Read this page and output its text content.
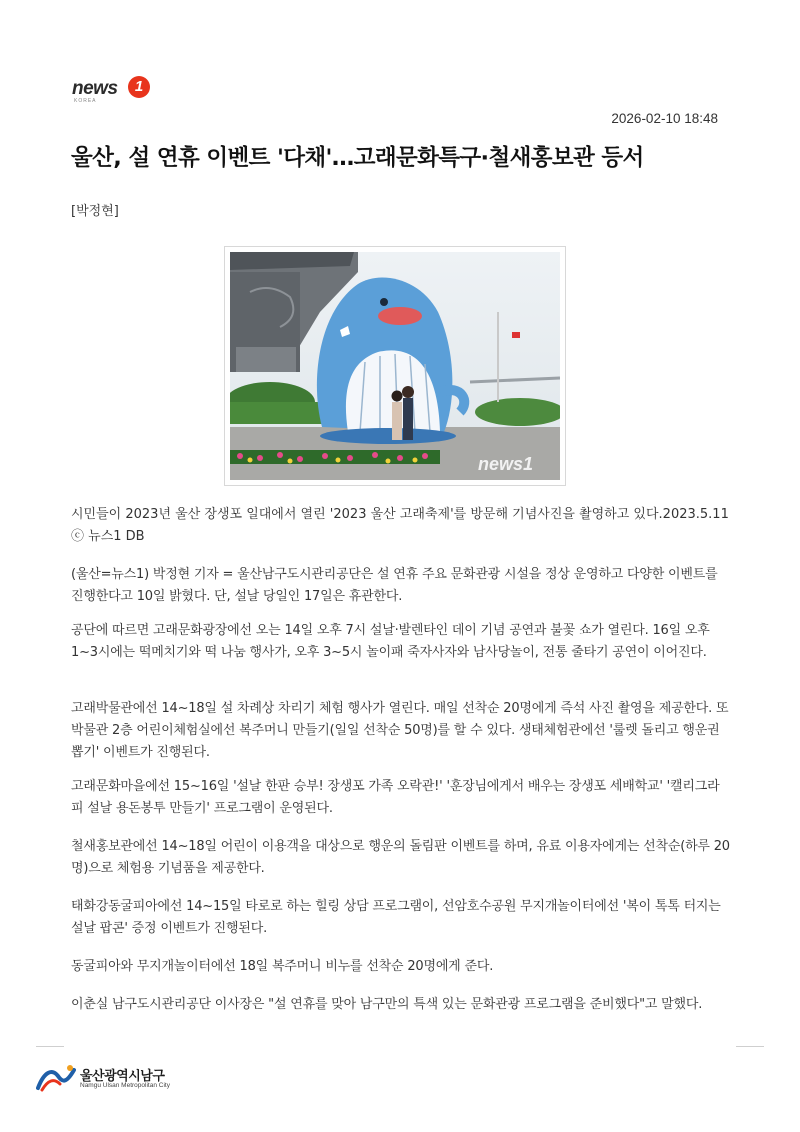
news	1
KOREA
2026-02-10 18:48
울산, 설 연휴 이벤트 '다채'…고래문화특구·철새홍보관 등서
[박정현]
news1
시민들이 2023년 울산 장생포 일대에서 열린 '2023 울산 고래축제'를 방문해 기념사진을 촬영하고 있다.2023.5.11 ⓒ 뉴스1 DB
(울산=뉴스1) 박정현 기자 = 울산남구도시관리공단은 설 연휴 주요 문화관광 시설을 정상 운영하고 다양한 이벤트를 진행한다고 10일 밝혔다. 단, 설날 당일인 17일은 휴관한다.
공단에 따르면 고래문화광장에선 오는 14일 오후 7시 설날·발렌타인 데이 기념 공연과 불꽃 쇼가 열린다. 16일 오후 1~3시에는 떡메치기와 떡 나눔 행사가, 오후 3~5시 놀이패 죽자사자와 남사당놀이, 전통 줄타기 공연이 이어진다.
고래박물관에선 14~18일 설 차례상 차리기 체험 행사가 열린다. 매일 선착순 20명에게 즉석 사진 촬영을 제공한다. 또 박물관 2층 어린이체험실에선 복주머니 만들기(일일 선착순 50명)를 할 수 있다. 생태체험관에선 '룰렛 돌리고 행운권 뽑기' 이벤트가 진행된다.
고래문화마을에선 15~16일 '설날 한판 승부! 장생포 가족 오락관!' '훈장님에게서 배우는 장생포 세배학교' '캘리그라피 설날 용돈봉투 만들기' 프로그램이 운영된다.
철새홍보관에선 14~18일 어린이 이용객을 대상으로 행운의 돌림판 이벤트를 하며, 유료 이용자에게는 선착순(하루 20명)으로 체험용 기념품을 제공한다.
태화강동굴피아에선 14~15일 타로로 하는 힐링 상담 프로그램이, 선암호수공원 무지개놀이터에선 '복이 톡톡 터지는 설날 팝콘' 증정 이벤트가 진행된다.
동굴피아와 무지개놀이터에선 18일 복주머니 비누를 선착순 20명에게 준다.
이춘실 남구도시관리공단 이사장은 "설 연휴를 맞아 남구만의 특색 있는 문화관광 프로그램을 준비했다"고 말했다.
울산광역시남구
Namgu Ulsan Metropolitan City
